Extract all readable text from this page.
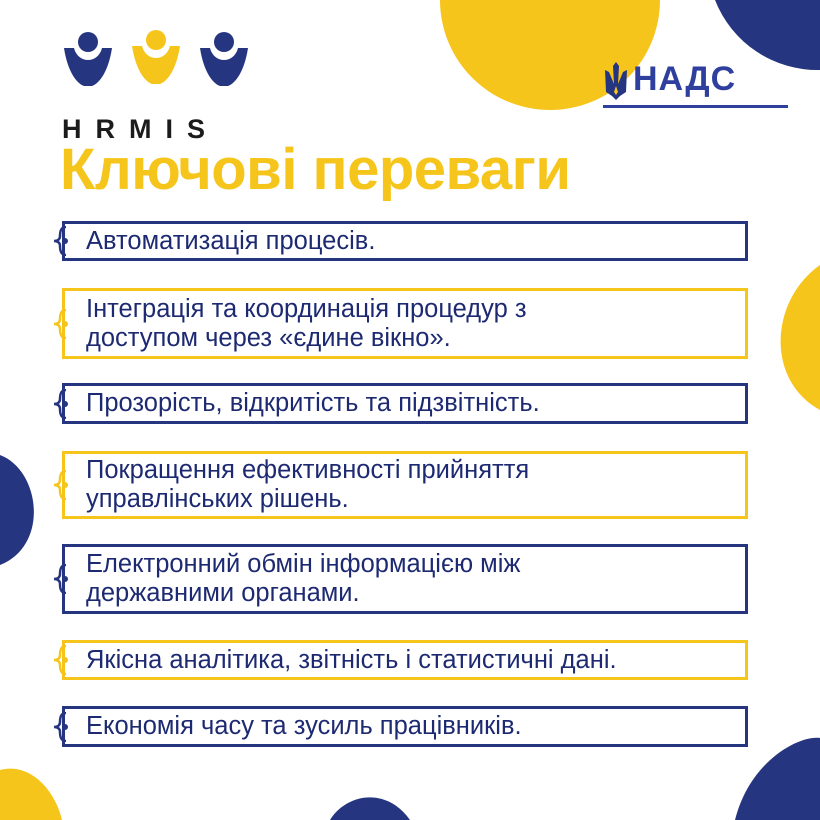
HRMIS
НАДС
Ключові переваги
Автоматизація процесів.
Інтеграція та координація процедур з
доступом через «єдине вікно».
Прозорість, відкритість та підзвітність.
Покращення ефективності прийняття
управлінських рішень.
Електронний обмін інформацією між
державними органами.
Якісна аналітика, звітність і статистичні дані.
Економія часу та зусиль працівників.
